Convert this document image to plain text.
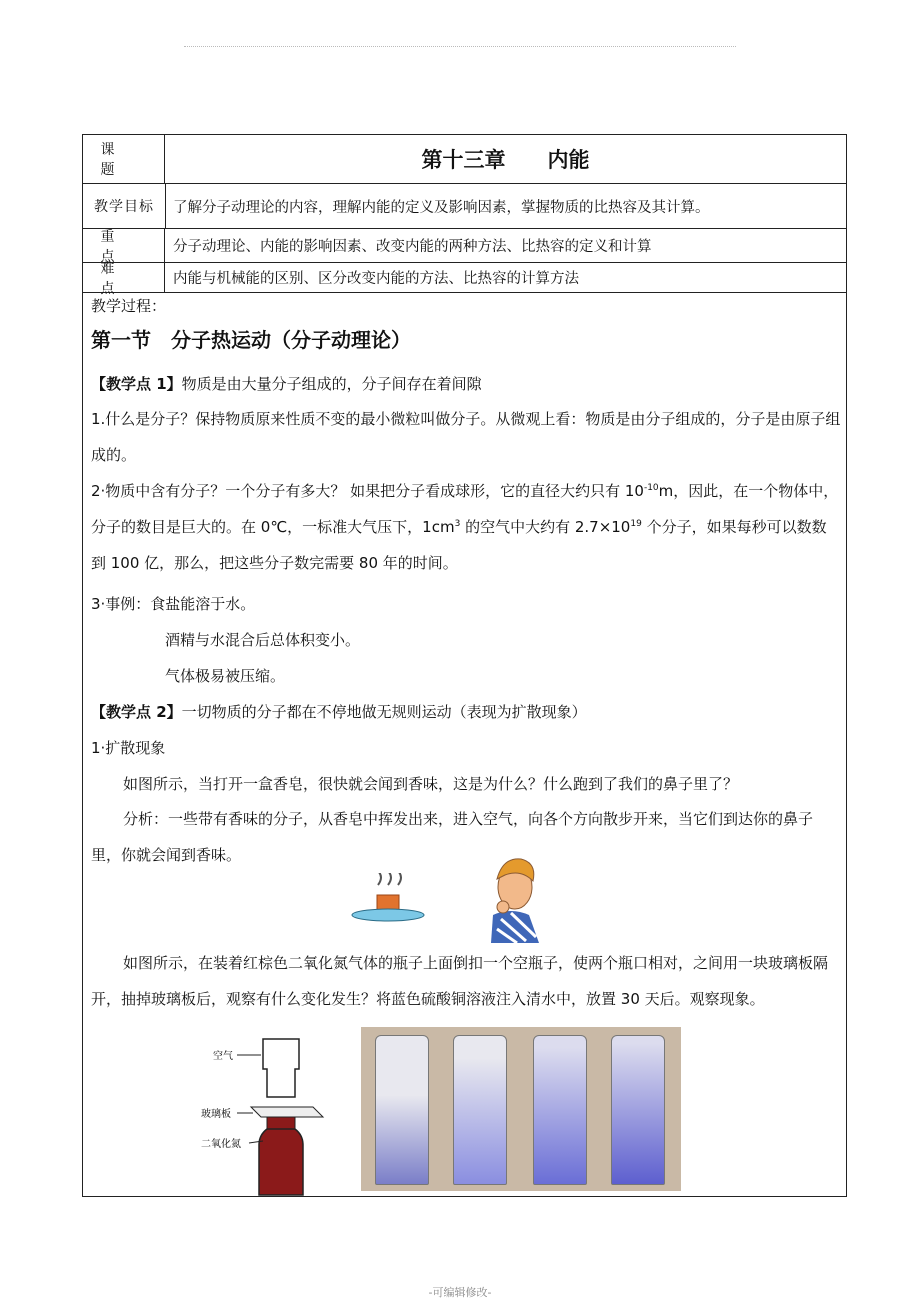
课　题	第十三章　　内能
教学目标	了解分子动理论的内容，理解内能的定义及影响因素，掌握物质的比热容及其计算。
重　点
分子动理论、内能的影响因素、改变内能的两种方法、比热容的定义和计算
难　点
内能与机械能的区别、区分改变内能的方法、比热容的计算方法
教学过程：
第一节　分子热运动（分子动理论）
【教学点 1】物质是由大量分子组成的，分子间存在着间隙
1.什么是分子？保持物质原来性质不变的最小微粒叫做分子。从微观上看：物质是由分子组成的，分子是由原子组成的。
2·物质中含有分子？一个分子有多大？ 如果把分子看成球形，它的直径大约只有 $10^{-10}m$，因此，在一个物体中，分子的数目是巨大的。在 0℃，一标准大气压下，$1cm^3$ 的空气中大约有 $2.7\times 10^{19}$ 个分子，如果每秒可以数数到 100 亿，那么，把这些分子数完需要 80 年的时间。
3·事例：食盐能溶于水。
酒精与水混合后总体积变小。
气体极易被压缩。
【教学点 2】一切物质的分子都在不停地做无规则运动（表现为扩散现象）
1·扩散现象
如图所示，当打开一盒香皂，很快就会闻到香味，这是为什么？什么跑到了我们的鼻子里了？
分析：一些带有香味的分子，从香皂中挥发出来，进入空气，向各个方向散步开来，当它们到达你的鼻子里，你就会闻到香味。
如图所示，在装着红棕色二氧化氮气体的瓶子上面倒扣一个空瓶子，使两个瓶口相对，之间用一块玻璃板隔开，抽掉玻璃板后，观察有什么变化发生？将蓝色硫酸铜溶液注入清水中，放置 30 天后。观察现象。
空气
玻璃板
二氧化氮
-可编辑修改-
